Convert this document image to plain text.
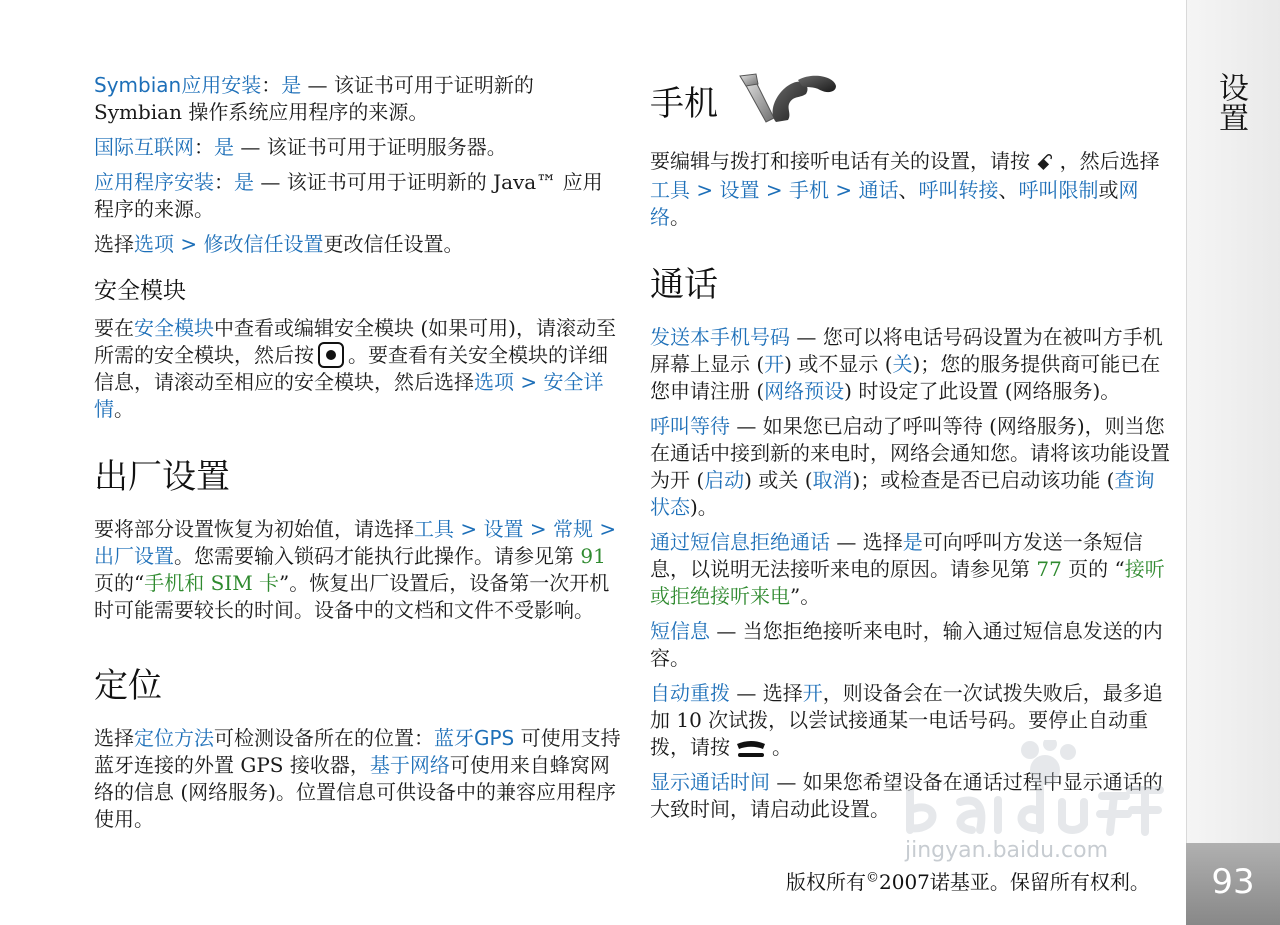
设置
93

Symbian应用安装：是 — 该证书可用于证明新的 Symbian 操作系统应用程序的来源。

国际互联网：是 — 该证书可用于证明服务器。

应用程序安装：是 — 该证书可用于证明新的 Java™ 应用程序的来源。

选择选项 > 修改信任设置更改信任设置。

安全模块

要在安全模块中查看或编辑安全模块 (如果可用)，请滚动至所需的安全模块，然后按 。要查看有关安全模块的详细信息，请滚动至相应的安全模块，然后选择选项 > 安全详情。

出厂设置

要将部分设置恢复为初始值，请选择工具 > 设置 > 常规 > 出厂设置。您需要输入锁码才能执行此操作。请参见第 91 页的“手机和 SIM 卡”。恢复出厂设置后，设备第一次开机时可能需要较长的时间。设备中的文档和文件不受影响。

定位

选择定位方法可检测设备所在的位置：蓝牙GPS 可使用支持蓝牙连接的外置 GPS 接收器，基于网络可使用来自蜂窝网络的信息 (网络服务)。位置信息可供设备中的兼容应用程序使用。

手机

要编辑与拨打和接听电话有关的设置，请按 ꗃ ，然后选择工具 > 设置 > 手机 > 通话、呼叫转接、呼叫限制或网络。

通话

发送本手机号码 — 您可以将电话号码设置为在被叫方手机屏幕上显示 (开) 或不显示 (关)；您的服务提供商可能已在您申请注册 (网络预设) 时设定了此设置 (网络服务)。

呼叫等待 — 如果您已启动了呼叫等待 (网络服务)，则当您在通话中接到新的来电时，网络会通知您。请将该功能设置为开 (启动) 或关 (取消)；或检查是否已启动该功能 (查询状态)。

通过短信息拒绝通话 — 选择是可向呼叫方发送一条短信息，以说明无法接听来电的原因。请参见第 77 页的 “接听或拒绝接听来电”。

短信息 — 当您拒绝接听来电时，输入通过短信息发送的内容。

自动重拨 — 选择开，则设备会在一次试拨失败后，最多追加 10 次试拨，以尝试接通某一电话号码。要停止自动重拨，请按 。

显示通话时间 — 如果您希望设备在通话过程中显示通话的大致时间，请启动此设置。

版权所有©2007诺基亚。保留所有权利。
jingyan.baidu.com
